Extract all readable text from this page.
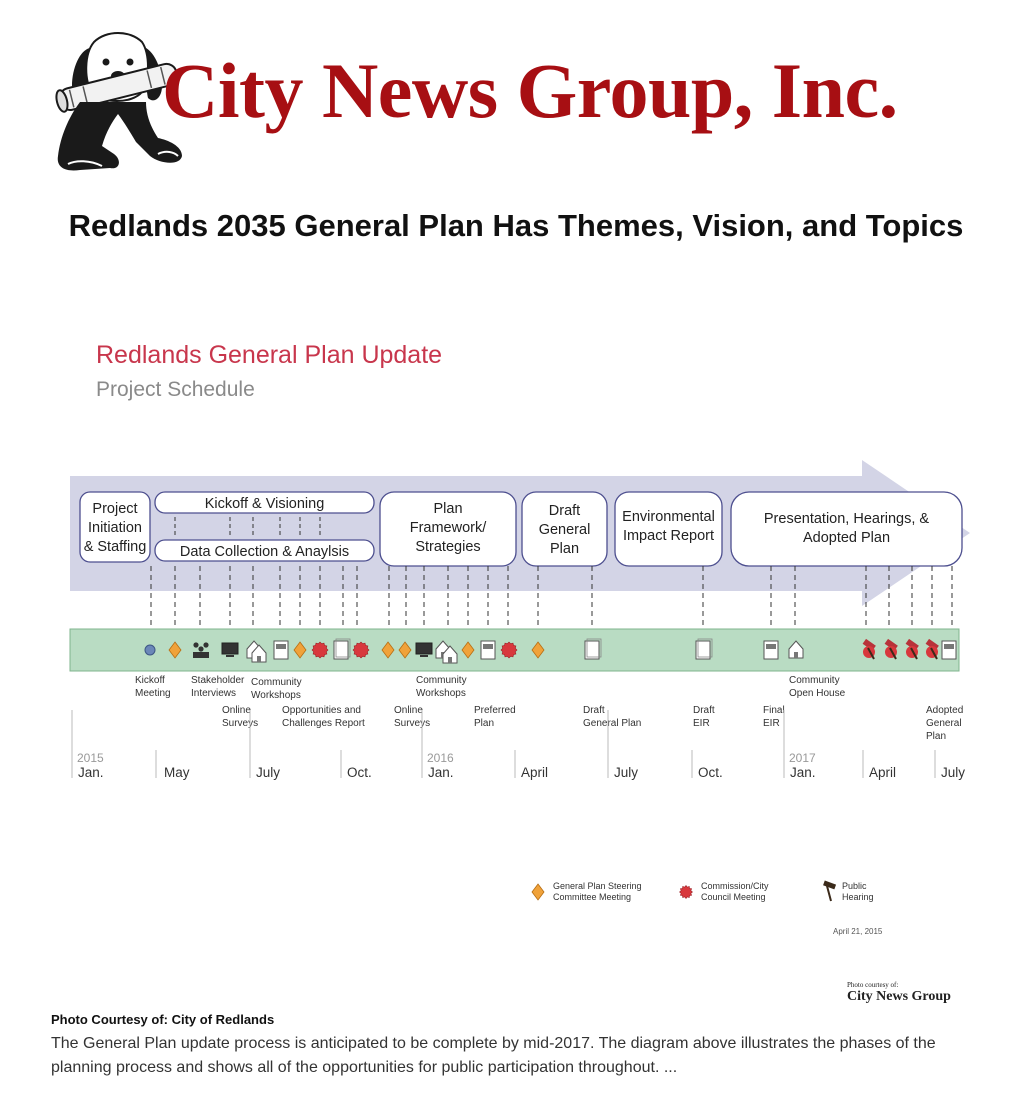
City News Group, Inc.
Redlands 2035 General Plan Has Themes, Vision, and Topics
Redlands General Plan Update
Project Schedule
Project Initiation & Staffing
Kickoff & Visioning
Data Collection & Anaylsis
Plan Framework/ Strategies
Draft General Plan
Environmental Impact Report
Presentation, Hearings, & Adopted Plan
Kickoff Meeting
Stakeholder Interviews
Community Workshops
Online Surveys
Opportunities and Challenges Report
Community Workshops
Online Surveys
Preferred Plan
Draft General Plan
Draft EIR
Final EIR
Community Open House
Adopted General Plan
2015
Jan.	May	July	Oct.
2016
Jan.	April	July	Oct.
2017
Jan.	April	July
General Plan Steering Committee Meeting
Commission/City Council Meeting
Public Hearing
April 21, 2015
Photo courtesy of:
City News Group
Photo Courtesy of: City of Redlands
The General Plan update process is anticipated to be complete by mid-2017. The diagram above illustrates the phases of the planning process and shows all of the opportunities for public participation throughout. ...
